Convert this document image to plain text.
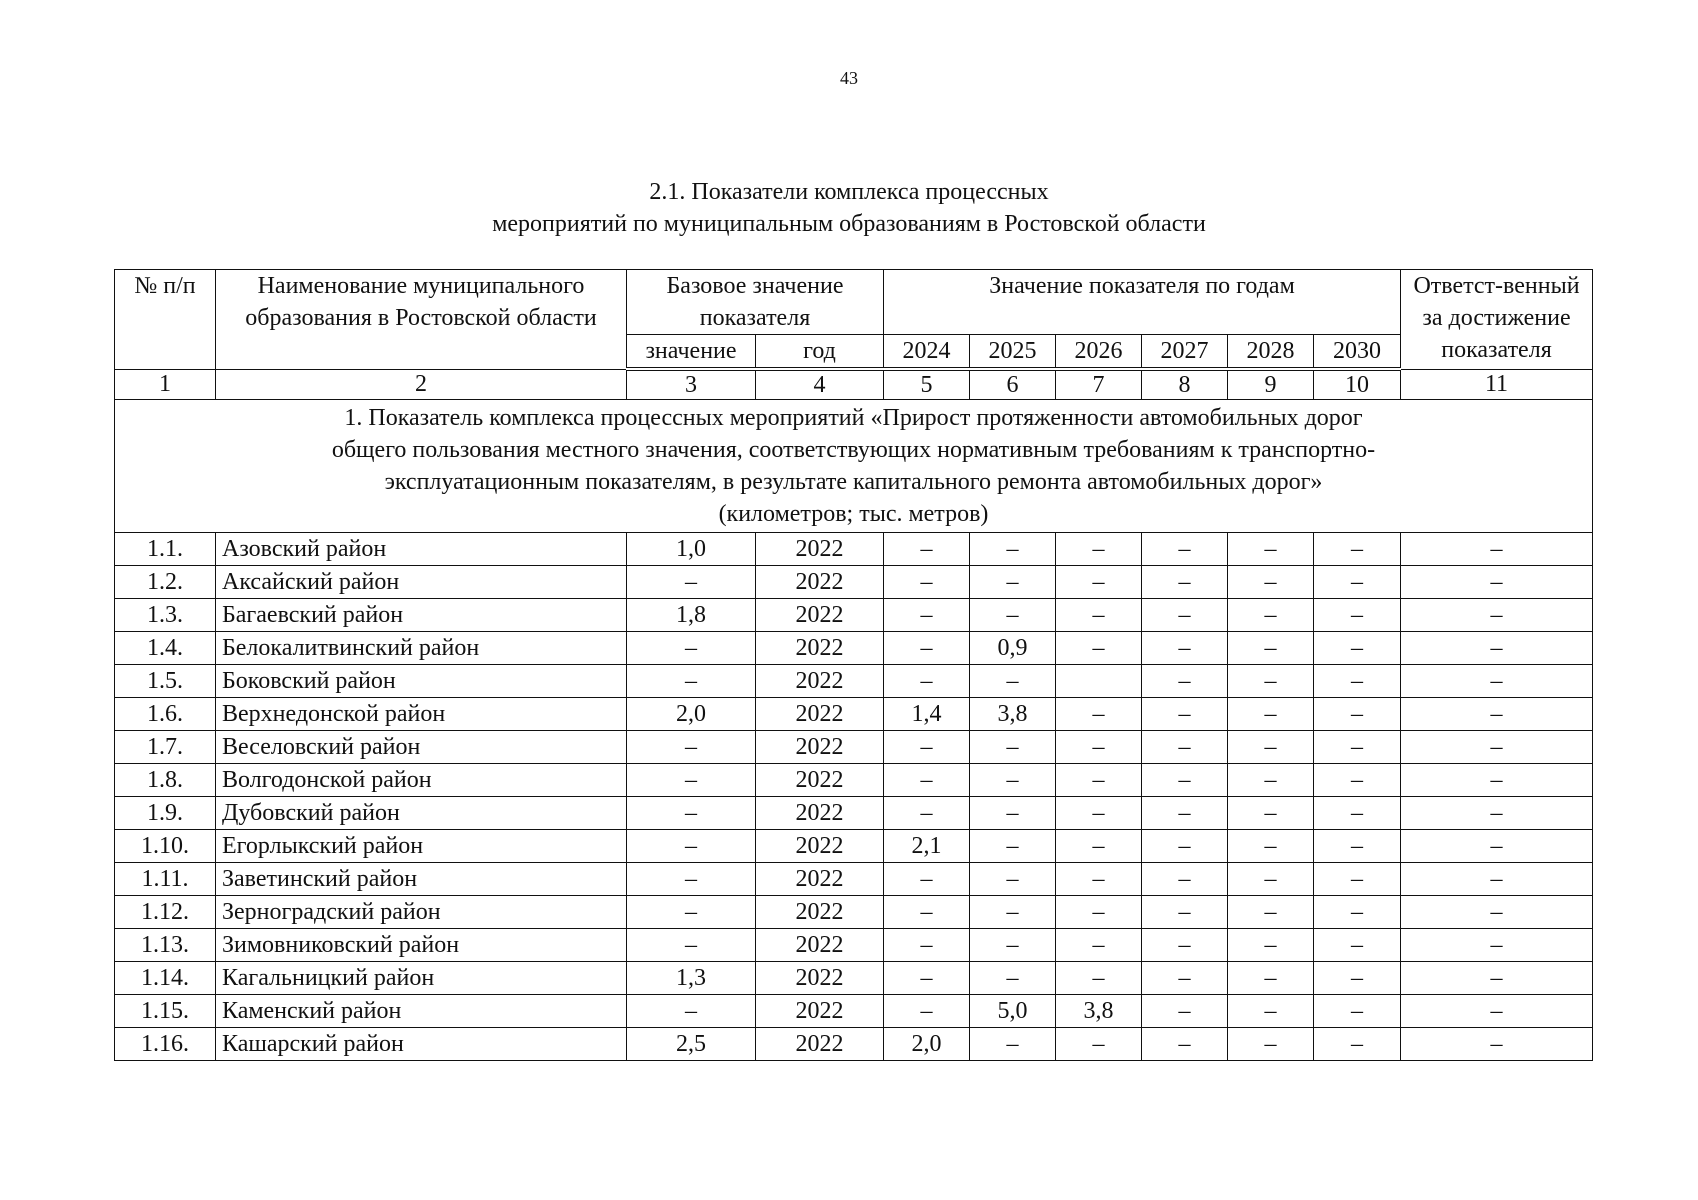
43
2.1. Показатели комплекса процессных
мероприятий по муниципальным образованиям в Ростовской области
№ п/п	Наименование муниципального образования в Ростовской области	Базовое значение показателя		Значение показателя по годам						Ответст-венный за достижение показателя
		значение	год	2024	2025	2026	2027	2028	2030	
1	2	3	4	5	6	7	8	9	10	11

1. Показатель комплекса процессных мероприятий «Прирост протяженности автомобильных дорог
общего пользования местного значения, соответствующих нормативным требованиям к транспортно-
эксплуатационным показателям, в результате капитального ремонта автомобильных дорог»
(километров; тыс. метров)										

1.1.	Азовский район	1,0	2022	–	–	–	–	–	–	–
1.2.	Аксайский район	–	2022	–	–	–	–	–	–	–
1.3.	Багаевский район	1,8	2022	–	–	–	–	–	–	–
1.4.	Белокалитвинский район	–	2022	–	0,9	–	–	–	–	–
1.5.	Боковский район	–	2022	–	–		–	–	–	–
1.6.	Верхнедонской район	2,0	2022	1,4	3,8	–	–	–	–	–
1.7.	Веселовский район	–	2022	–	–	–	–	–	–	–
1.8.	Волгодонской район	–	2022	–	–	–	–	–	–	–
1.9.	Дубовский район	–	2022	–	–	–	–	–	–	–
1.10.	Егорлыкский район	–	2022	2,1	–	–	–	–	–	–
1.11.	Заветинский район	–	2022	–	–	–	–	–	–	–
1.12.	Зерноградский район	–	2022	–	–	–	–	–	–	–
1.13.	Зимовниковский район	–	2022	–	–	–	–	–	–	–
1.14.	Кагальницкий район	1,3	2022	–	–	–	–	–	–	–
1.15.	Каменский район	–	2022	–	5,0	3,8	–	–	–	–
1.16.	Кашарский район	2,5	2022	2,0	–	–	–	–	–	–
